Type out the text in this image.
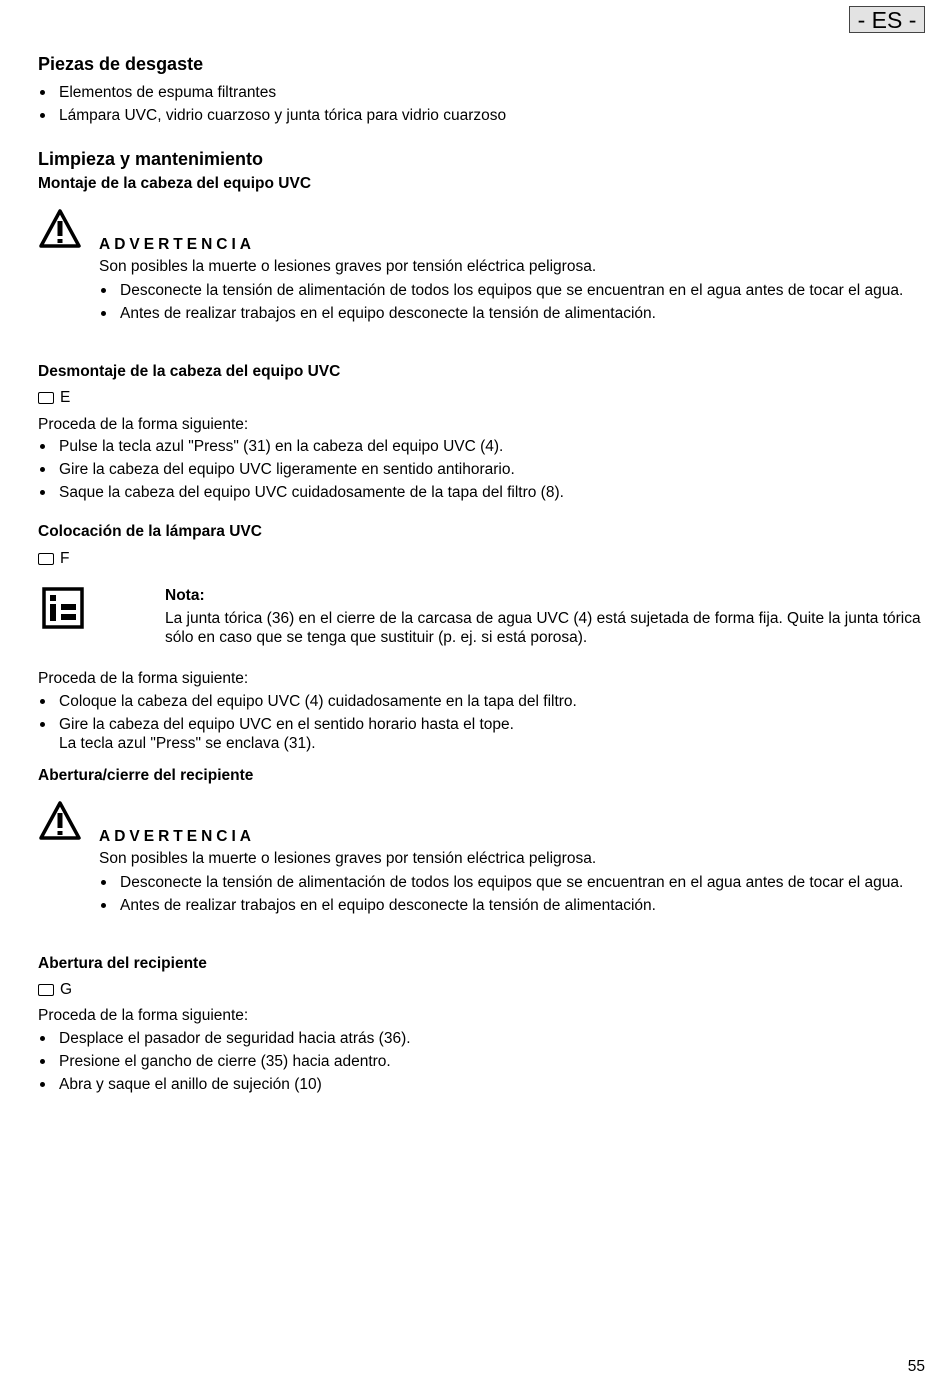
- ES -
Piezas de desgaste
Elementos de espuma filtrantes
Lámpara UVC, vidrio cuarzoso y junta tórica para vidrio cuarzoso
Limpieza y mantenimiento
Montaje de la cabeza del equipo UVC
ADVERTENCIA
Son posibles la muerte o lesiones graves por tensión eléctrica peligrosa.
Desconecte la tensión de alimentación de todos los equipos que se encuentran en el agua antes de tocar el agua.
Antes de realizar trabajos en el equipo desconecte la tensión de alimentación.
Desmontaje de la cabeza del equipo UVC
E
Proceda de la forma siguiente:
Pulse la tecla azul "Press" (31) en la cabeza del equipo UVC (4).
Gire la cabeza del equipo UVC ligeramente en sentido antihorario.
Saque la cabeza del equipo UVC cuidadosamente de la tapa del filtro (8).
Colocación de la lámpara UVC
F
Nota:
La junta tórica (36) en el cierre de la carcasa de agua UVC (4) está sujetada de forma fija. Quite la junta tórica sólo en caso que se tenga que sustituir (p. ej. si está porosa).
Proceda de la forma siguiente:
Coloque la cabeza del equipo UVC (4) cuidadosamente en la tapa del filtro.
Gire la cabeza del equipo UVC en el sentido horario hasta el tope.
La tecla azul "Press" se enclava (31).
Abertura/cierre del recipiente
ADVERTENCIA
Son posibles la muerte o lesiones graves por tensión eléctrica peligrosa.
Desconecte la tensión de alimentación de todos los equipos que se encuentran en el agua antes de tocar el agua.
Antes de realizar trabajos en el equipo desconecte la tensión de alimentación.
Abertura del recipiente
G
Proceda de la forma siguiente:
Desplace el pasador de seguridad hacia atrás (36).
Presione el gancho de cierre (35) hacia adentro.
Abra y saque el anillo de sujeción (10)
55
